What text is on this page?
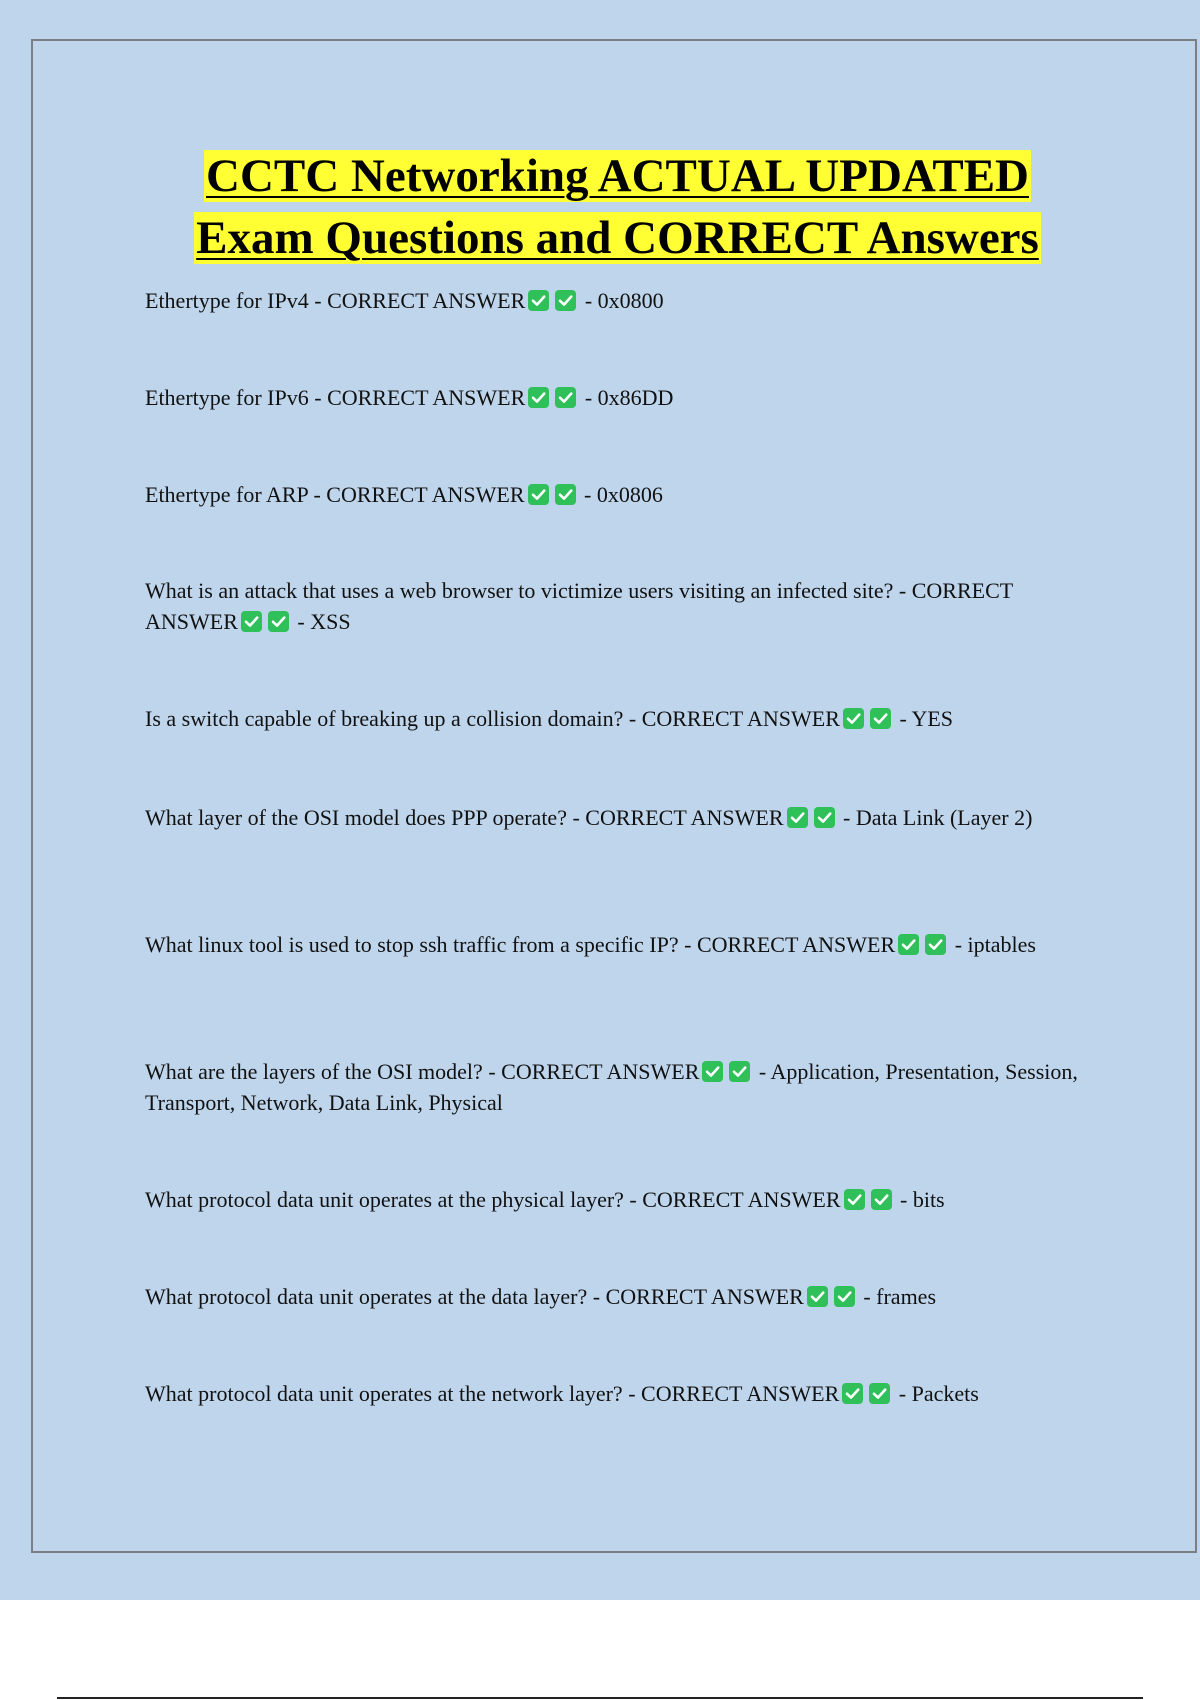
CCTC Networking ACTUAL UPDATED
Exam Questions and CORRECT Answers
Ethertype for IPv4 - CORRECT ANSWER
- 0x0800
Ethertype for IPv6 - CORRECT ANSWER
- 0x86DD
Ethertype for ARP - CORRECT ANSWER
- 0x0806
What is an attack that uses a web browser to victimize users visiting an infected site? - CORRECT ANSWER
- XSS
Is a switch capable of breaking up a collision domain? - CORRECT ANSWER
- YES
What layer of the OSI model does PPP operate? - CORRECT ANSWER
- Data Link (Layer 2)
What linux tool is used to stop ssh traffic from a specific IP? - CORRECT ANSWER
- iptables
What are the layers of the OSI model? - CORRECT ANSWER
- Application, Presentation, Session, Transport, Network, Data Link, Physical
What protocol data unit operates at the physical layer? - CORRECT ANSWER
- bits
What protocol data unit operates at the data layer? - CORRECT ANSWER
- frames
What protocol data unit operates at the network layer? - CORRECT ANSWER
- Packets
